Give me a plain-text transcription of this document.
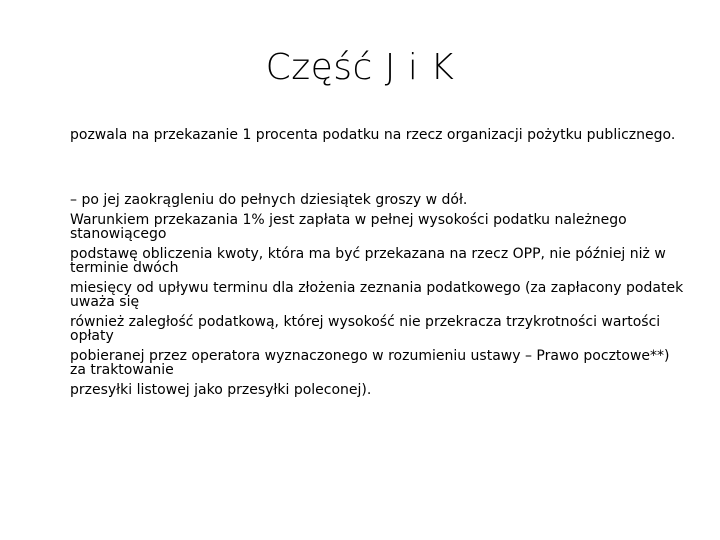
Część J i K

pozwala na przekazanie 1 procenta podatku na rzecz organizacji pożytku publicznego.

– po jej zaokrągleniu do pełnych dziesiątek groszy w dół.

Warunkiem przekazania 1% jest zapłata w pełnej wysokości podatku należnego stanowiącego

podstawę obliczenia kwoty, która ma być przekazana na rzecz OPP, nie później niż w terminie dwóch

miesięcy od upływu terminu dla złożenia zeznania podatkowego (za zapłacony podatek uważa się

również zaległość podatkową, której wysokość nie przekracza trzykrotności wartości opłaty

pobieranej przez operatora wyznaczonego w rozumieniu ustawy – Prawo pocztowe**) za traktowanie

przesyłki listowej jako przesyłki poleconej).
